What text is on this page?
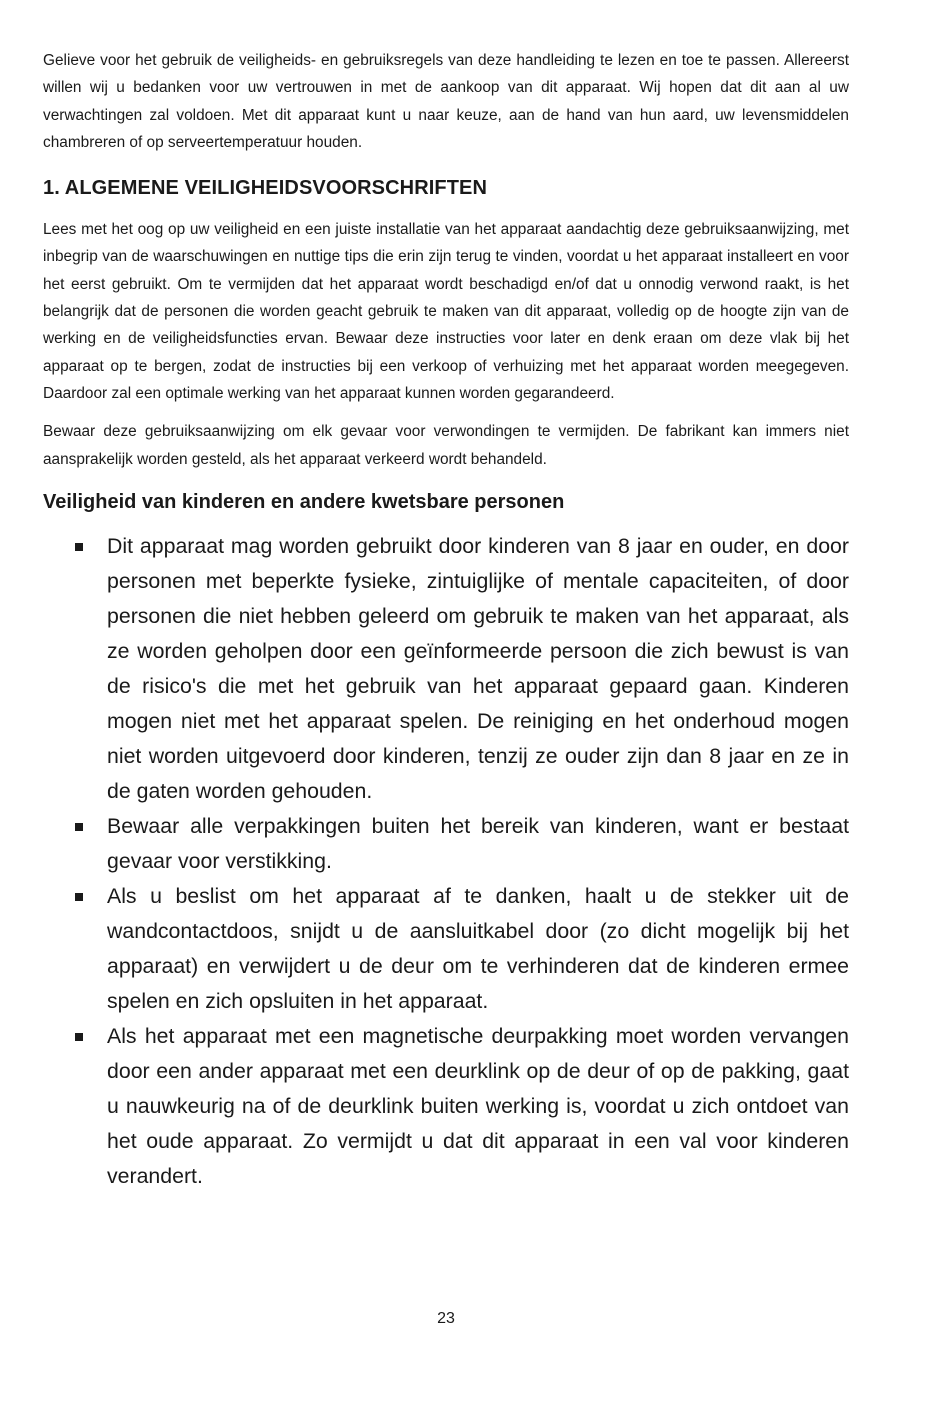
Gelieve voor het gebruik de veiligheids- en gebruiksregels van deze handleiding te lezen en toe te passen. Allereerst willen wij u bedanken voor uw vertrouwen in met de aankoop van dit apparaat. Wij hopen dat dit aan al uw verwachtingen zal voldoen. Met dit apparaat kunt u naar keuze, aan de hand van hun aard, uw levensmiddelen chambreren of op serveertemperatuur houden.

1. ALGEMENE VEILIGHEIDSVOORSCHRIFTEN

Lees met het oog op uw veiligheid en een juiste installatie van het apparaat aandachtig deze gebruiksaanwijzing, met inbegrip van de waarschuwingen en nuttige tips die erin zijn terug te vinden, voordat u het apparaat installeert en voor het eerst gebruikt. Om te vermijden dat het apparaat wordt beschadigd en/of dat u onnodig verwond raakt, is het belangrijk dat de personen die worden geacht gebruik te maken van dit apparaat, volledig op de hoogte zijn van de werking en de veiligheidsfuncties ervan. Bewaar deze instructies voor later en denk eraan om deze vlak bij het apparaat op te bergen, zodat de instructies bij een verkoop of verhuizing met het apparaat worden meegegeven. Daardoor zal een optimale werking van het apparaat kunnen worden gegarandeerd.

Bewaar deze gebruiksaanwijzing om elk gevaar voor verwondingen te vermijden. De fabrikant kan immers niet aansprakelijk worden gesteld, als het apparaat verkeerd wordt behandeld.

Veiligheid van kinderen en andere kwetsbare personen
Dit apparaat mag worden gebruikt door kinderen van 8 jaar en ouder, en door personen met beperkte fysieke, zintuiglijke of mentale capaciteiten, of door personen die niet hebben geleerd om gebruik te maken van het apparaat, als ze worden geholpen door een geïnformeerde persoon die zich bewust is van de risico's die met het gebruik van het apparaat gepaard gaan. Kinderen mogen niet met het apparaat spelen. De reiniging en het onderhoud mogen niet worden uitgevoerd door kinderen, tenzij ze ouder zijn dan 8 jaar en ze in de gaten worden gehouden.
Bewaar alle verpakkingen buiten het bereik van kinderen, want er bestaat gevaar voor verstikking.
Als u beslist om het apparaat af te danken, haalt u de stekker uit de wandcontactdoos, snijdt u de aansluitkabel door (zo dicht mogelijk bij het apparaat) en verwijdert u de deur om te verhinderen dat de kinderen ermee spelen en zich opsluiten in het apparaat.
Als het apparaat met een magnetische deurpakking moet worden vervangen door een ander apparaat met een deurklink op de deur of op de pakking, gaat u nauwkeurig na of de deurklink buiten werking is, voordat u zich ontdoet van het oude apparaat. Zo vermijdt u dat dit apparaat in een val voor kinderen verandert.
23
